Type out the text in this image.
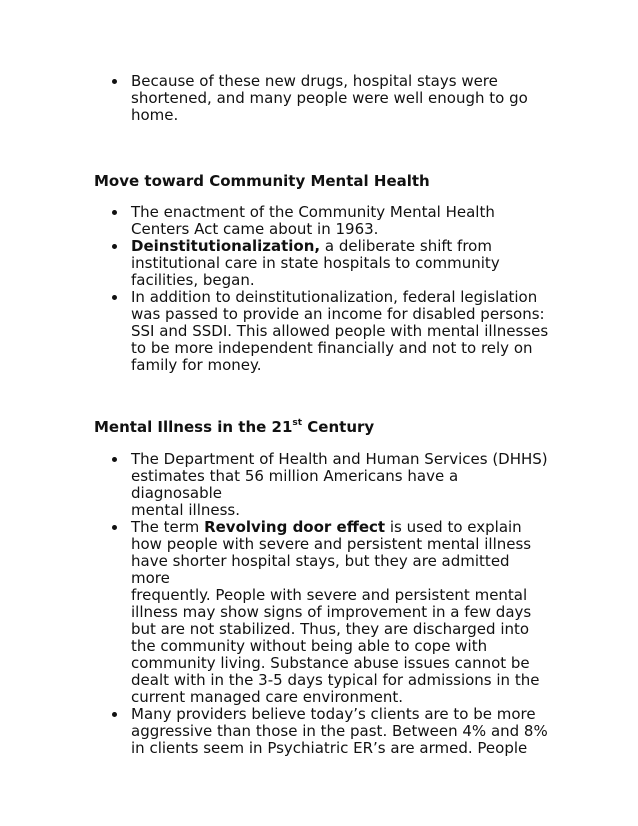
Because of these new drugs, hospital stays were
shortened, and many people were well enough to go
home.
Move toward Community Mental Health
The enactment of the Community Mental Health
Centers Act came about in 1963.
Deinstitutionalization, a deliberate shift from
institutional care in state hospitals to community
facilities, began.
In addition to deinstitutionalization, federal legislation
was passed to provide an income for disabled persons:
SSI and SSDI. This allowed people with mental illnesses
to be more independent financially and not to rely on
family for money.
Mental Illness in the 21st Century
The Department of Health and Human Services (DHHS)
estimates that 56 million Americans have a diagnosable
mental illness.
The term Revolving door effect is used to explain
how people with severe and persistent mental illness
have shorter hospital stays, but they are admitted more
frequently. People with severe and persistent mental
illness may show signs of improvement in a few days
but are not stabilized. Thus, they are discharged into
the community without being able to cope with
community living. Substance abuse issues cannot be
dealt with in the 3-5 days typical for admissions in the
current managed care environment.
Many providers believe today’s clients are to be more
aggressive than those in the past. Between 4% and 8%
in clients seem in Psychiatric ER’s are armed. People
